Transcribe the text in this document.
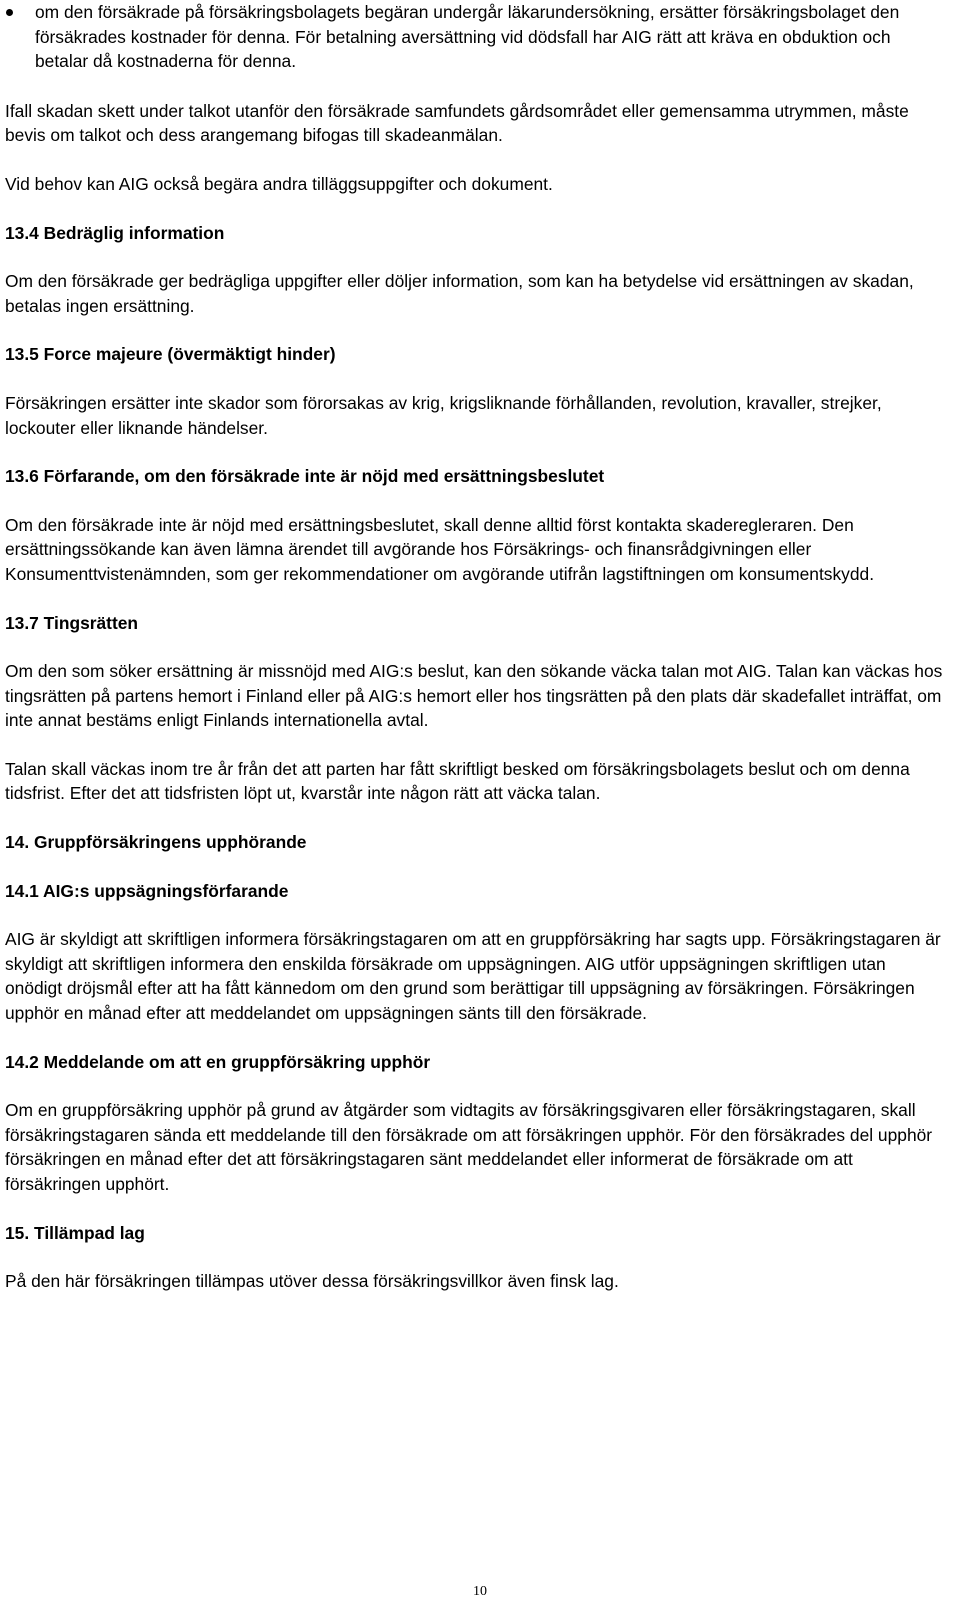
om den försäkrade på försäkringsbolagets begäran undergår läkarundersökning, ersätter försäkringsbolaget den försäkrades kostnader för denna. För betalning aversättning vid dödsfall har AIG rätt att kräva en obduktion och betalar då kostnaderna för denna.

Ifall skadan skett under talkot utanför den försäkrade samfundets gårdsområdet eller gemensamma utrymmen, måste bevis om talkot och dess arangemang bifogas till skadeanmälan.

Vid behov kan AIG också begära andra tilläggsuppgifter och dokument.

13.4 Bedräglig information

Om den försäkrade ger bedrägliga uppgifter eller döljer information, som kan ha betydelse vid ersättningen av skadan, betalas ingen ersättning.

13.5 Force majeure (övermäktigt hinder)

Försäkringen ersätter inte skador som förorsakas av krig, krigsliknande förhållanden, revolution, kravaller, strejker, lockouter eller liknande händelser.

13.6 Förfarande, om den försäkrade inte är nöjd med ersättningsbeslutet

Om den försäkrade inte är nöjd med ersättningsbeslutet, skall denne alltid först kontakta skaderegleraren. Den ersättningssökande kan även lämna ärendet till avgörande hos Försäkrings- och finansrådgivningen eller Konsumenttvistenämnden, som ger rekommendationer om avgörande utifrån lagstiftningen om konsumentskydd.

13.7 Tingsrätten

Om den som söker ersättning är missnöjd med AIG:s beslut, kan den sökande väcka talan mot AIG. Talan kan väckas hos tingsrätten på partens hemort i Finland eller på AIG:s hemort eller hos tingsrätten på den plats där skadefallet inträffat, om inte annat bestäms enligt Finlands internationella avtal.

Talan skall väckas inom tre år från det att parten har fått skriftligt besked om försäkringsbolagets beslut och om denna tidsfrist. Efter det att tidsfristen löpt ut, kvarstår inte någon rätt att väcka talan.

14. Gruppförsäkringens upphörande
14.1 AIG:s uppsägningsförfarande

AIG är skyldigt att skriftligen informera försäkringstagaren om att en gruppförsäkring har sagts upp. Försäkringstagaren är skyldigt att skriftligen informera den enskilda försäkrade om uppsägningen. AIG utför uppsägningen skriftligen utan onödigt dröjsmål efter att ha fått kännedom om den grund som berättigar till uppsägning av försäkringen. Försäkringen upphör en månad efter att meddelandet om uppsägningen sänts till den försäkrade.

14.2 Meddelande om att en gruppförsäkring upphör

Om en gruppförsäkring upphör på grund av åtgärder som vidtagits av försäkringsgivaren eller försäkringstagaren, skall försäkringstagaren sända ett meddelande till den försäkrade om att försäkringen upphör. För den försäkrades del upphör försäkringen en månad efter det att försäkringstagaren sänt meddelandet eller informerat de försäkrade om att försäkringen upphört.

15. Tillämpad lag

På den här försäkringen tillämpas utöver dessa försäkringsvillkor även finsk lag.

10
